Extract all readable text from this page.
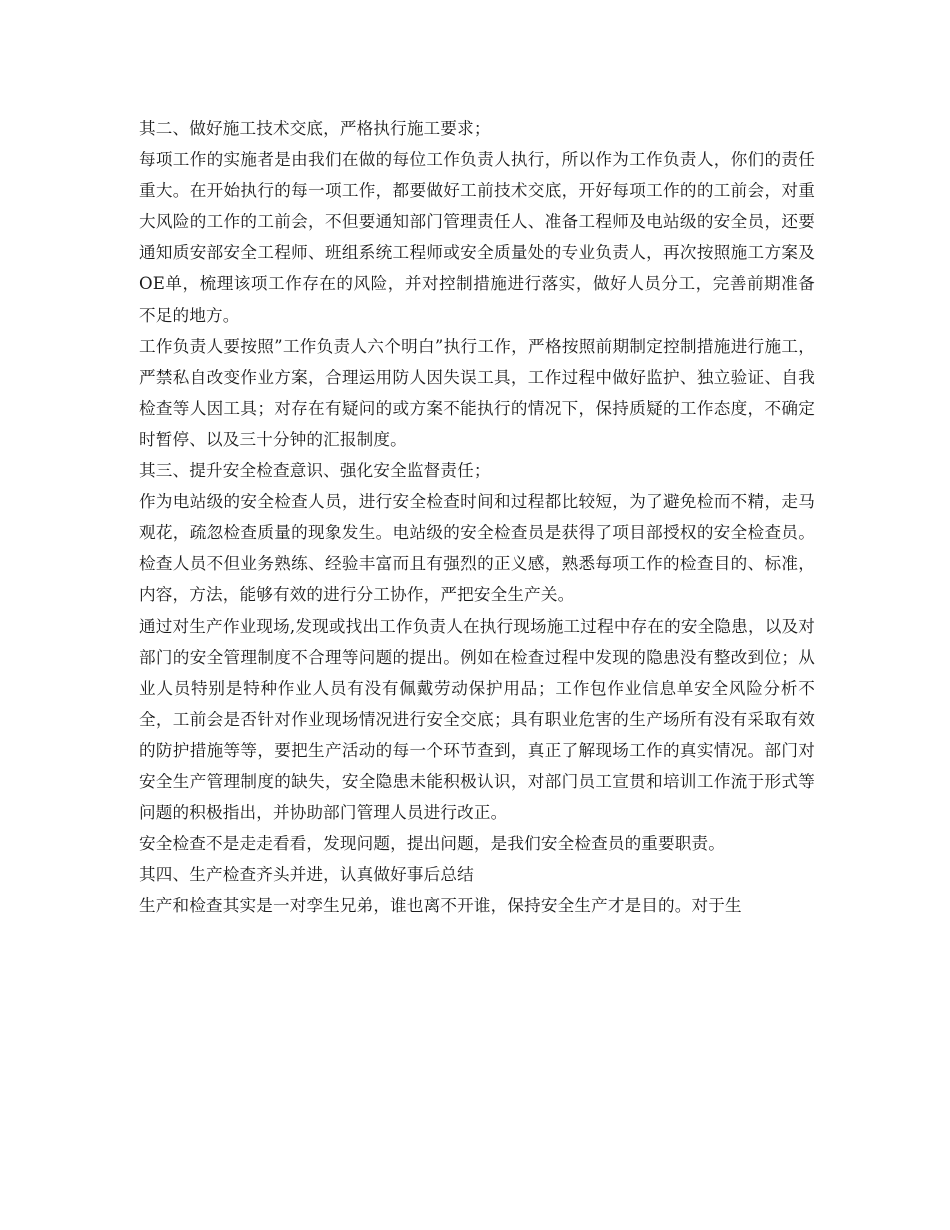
其二、做好施工技术交底，严格执行施工要求；

每项工作的实施者是由我们在做的每位工作负责人执行，所以作为工作负责人，你们的责任重大。在开始执行的每一项工作，都要做好工前技术交底，开好每项工作的的工前会，对重大风险的工作的工前会，不但要通知部门管理责任人、准备工程师及电站级的安全员，还要通知质安部安全工程师、班组系统工程师或安全质量处的专业负责人，再次按照施工方案及OE单，梳理该项工作存在的风险，并对控制措施进行落实，做好人员分工，完善前期准备不足的地方。

工作负责人要按照”工作负责人六个明白”执行工作，严格按照前期制定控制措施进行施工，严禁私自改变作业方案，合理运用防人因失误工具，工作过程中做好监护、独立验证、自我检查等人因工具；对存在有疑问的或方案不能执行的情况下，保持质疑的工作态度，不确定时暂停、以及三十分钟的汇报制度。

其三、提升安全检查意识、强化安全监督责任；

作为电站级的安全检查人员，进行安全检查时间和过程都比较短，为了避免检而不精，走马观花，疏忽检查质量的现象发生。电站级的安全检查员是获得了项目部授权的安全检查员。检查人员不但业务熟练、经验丰富而且有强烈的正义感，熟悉每项工作的检查目的、标准，内容，方法，能够有效的进行分工协作，严把安全生产关。

通过对生产作业现场,发现或找出工作负责人在执行现场施工过程中存在的安全隐患，以及对部门的安全管理制度不合理等问题的提出。例如在检查过程中发现的隐患没有整改到位；从业人员特别是特种作业人员有没有佩戴劳动保护用品；工作包作业信息单安全风险分析不全，工前会是否针对作业现场情况进行安全交底；具有职业危害的生产场所有没有采取有效的防护措施等等，要把生产活动的每一个环节查到，真正了解现场工作的真实情况。部门对安全生产管理制度的缺失，安全隐患未能积极认识，对部门员工宣贯和培训工作流于形式等问题的积极指出，并协助部门管理人员进行改正。

安全检查不是走走看看，发现问题，提出问题，是我们安全检查员的重要职责。

其四、生产检查齐头并进，认真做好事后总结

生产和检查其实是一对孪生兄弟，谁也离不开谁，保持安全生产才是目的。对于生
